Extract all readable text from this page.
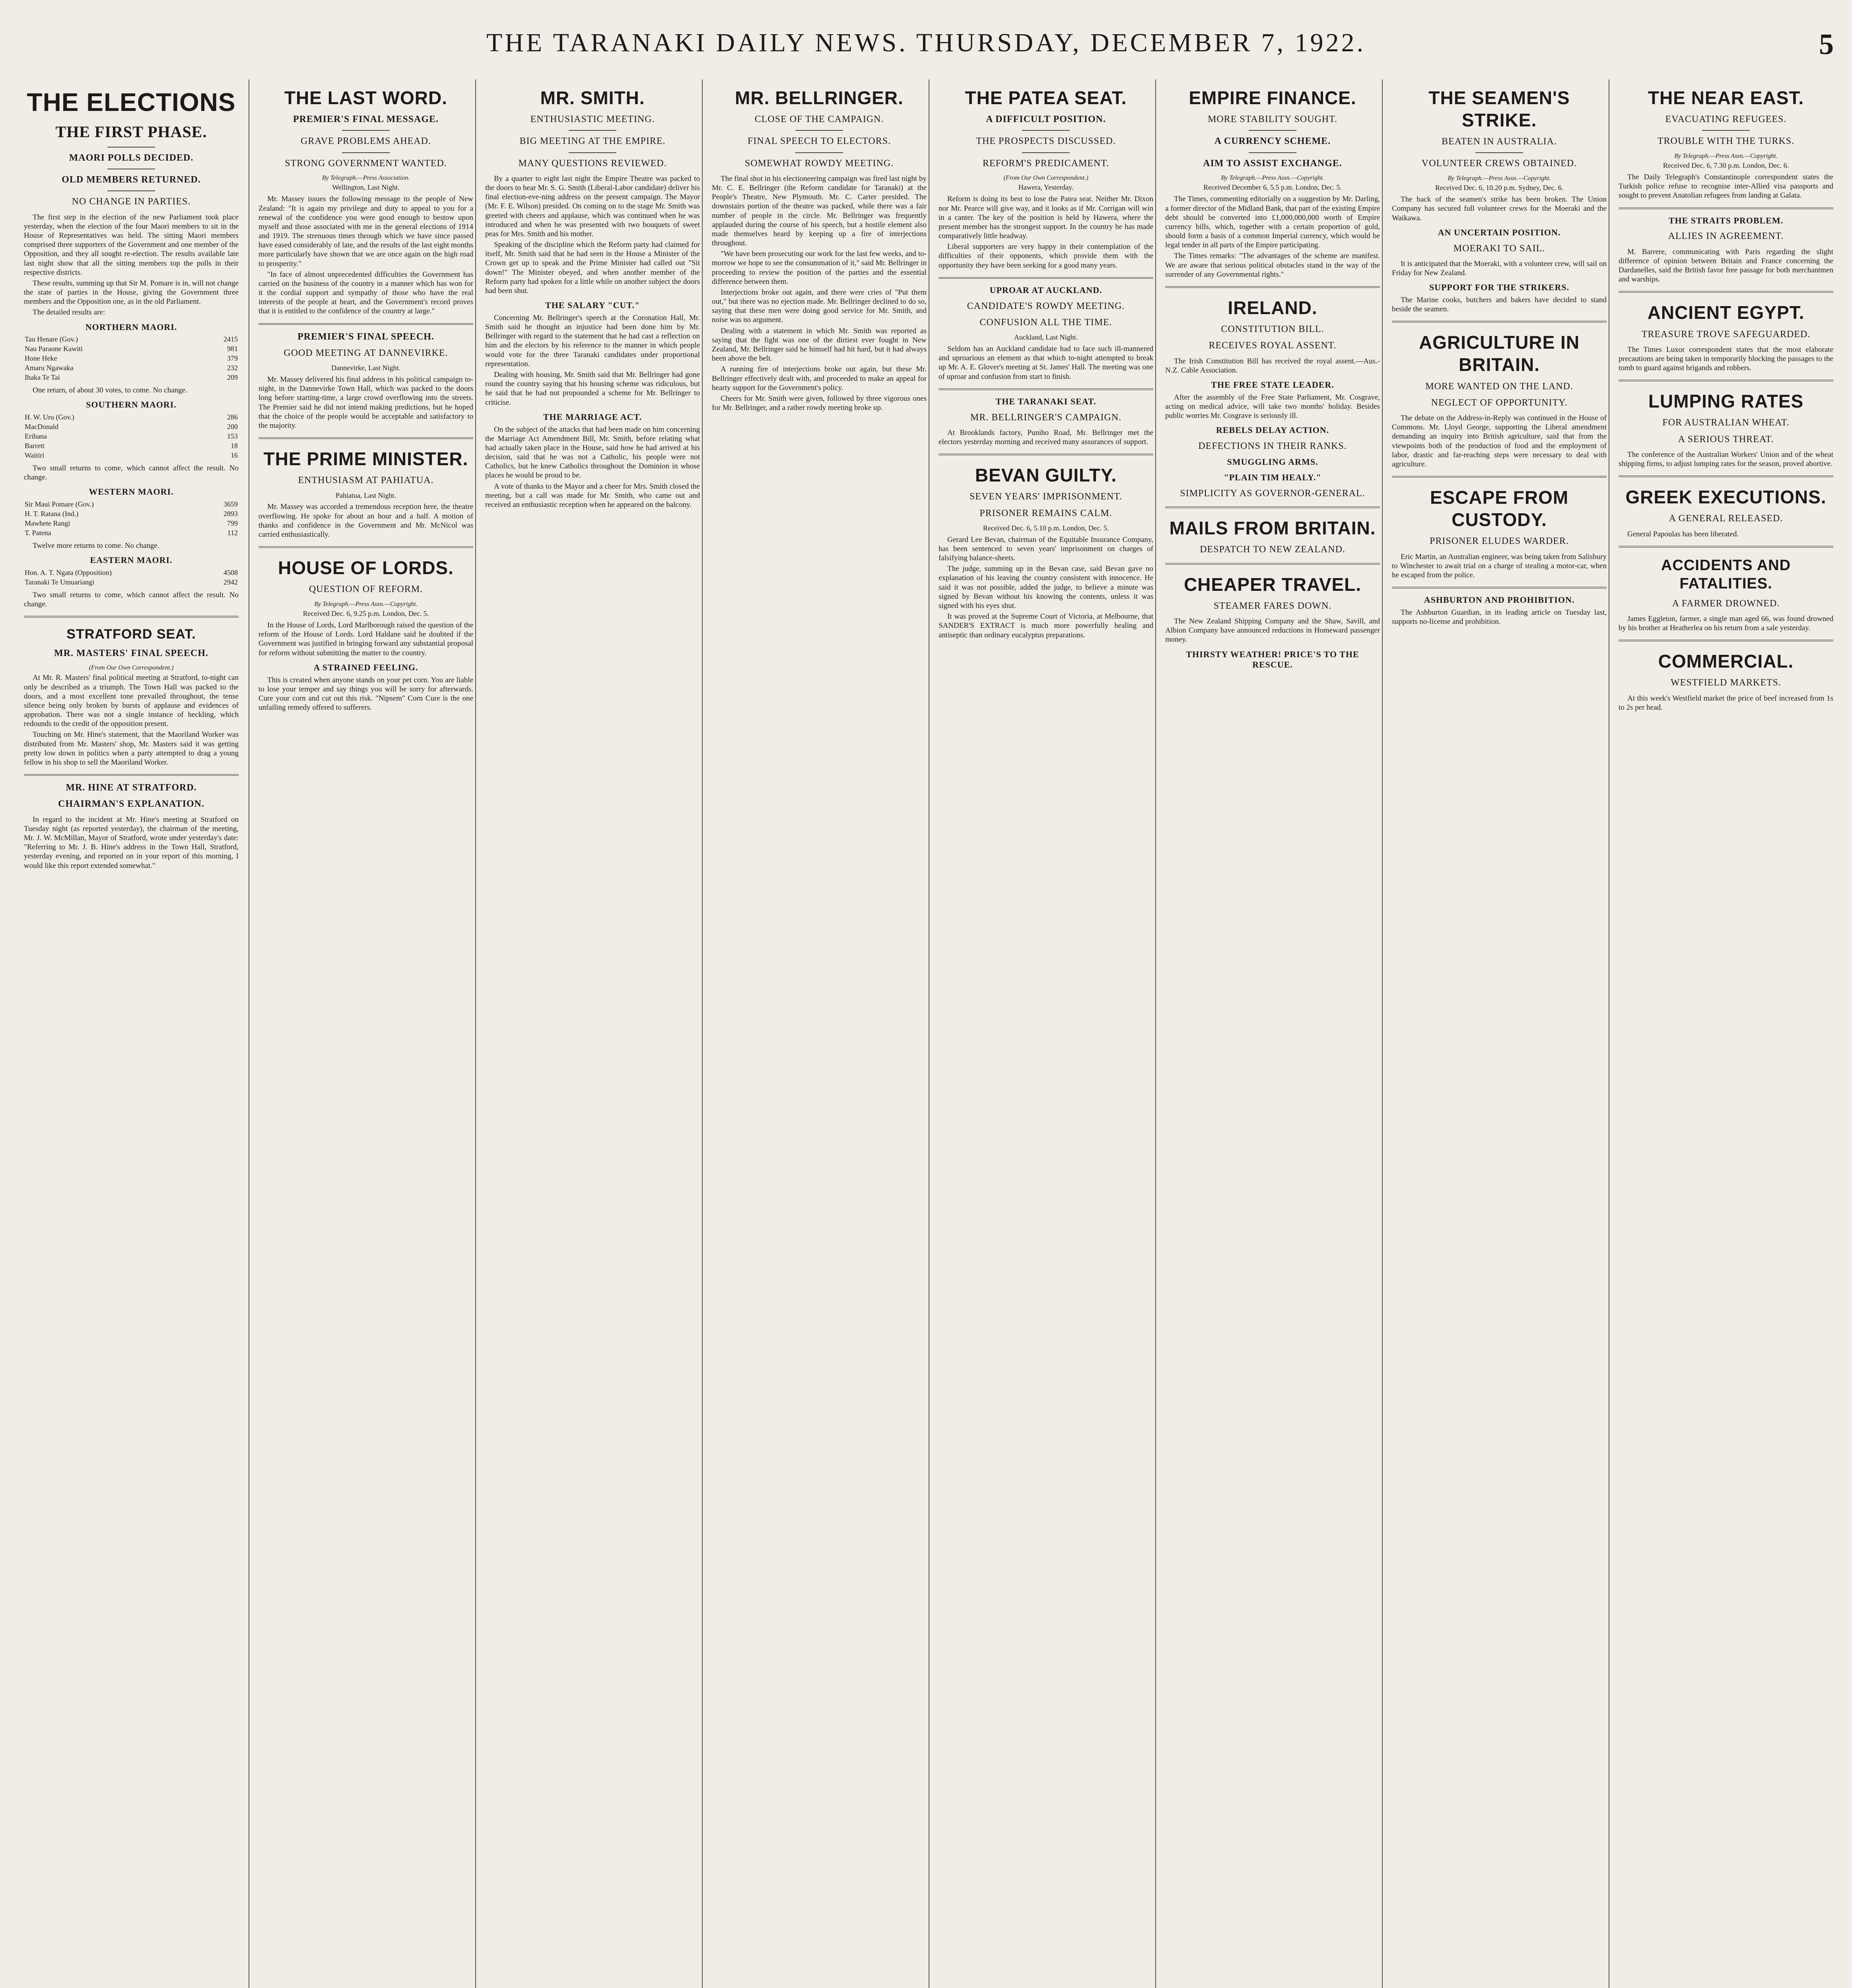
THE TARANAKI DAILY NEWS. THURSDAY, DECEMBER 7, 1922.	5
THE ELECTIONS
THE FIRST PHASE.
MAORI POLLS DECIDED.
OLD MEMBERS RETURNED.
NO CHANGE IN PARTIES.

The first step in the election of the new Parliament took place yesterday, when the election of the four Maori members to sit in the House of Representatives was held. The sitting Maori members comprised three supporters of the Government and one member of the Opposition, and they all sought re-election. The results available late last night show that all the sitting members top the polls in their respective districts.

These results, summing up that Sir M. Pomare is in, will not change the state of parties in the House, giving the Government three members and the Opposition one, as in the old Parliament.

The detailed results are:

NORTHERN MAORI.
Tau Henare (Gov.)	2415
Nau Paraone Kawiti	981
Hone Heke	379
Amaru Ngawaka	232
Ihaka Te Tai	209

One return, of about 30 votes, to come. No change.

SOUTHERN MAORI.
H. W. Uru (Gov.)	286
MacDonald	200
Erihana	153
Barrett	18
Waitiri	16

Two small returns to come, which cannot affect the result. No change.

WESTERN MAORI.
Sir Maui Pomare (Gov.)	3659
H. T. Ratana (Ind.)	2893
Mawhete Rangi	799
T. Patena	112

Twelve more returns to come. No change.

EASTERN MAORI.
Hon. A. T. Ngata (Opposition)	4508
Taranaki Te Umuariangi	2942

Two small returns to come, which cannot affect the result. No change.

STRATFORD SEAT.
MR. MASTERS' FINAL SPEECH.
(From Our Own Correspondent.)

At Mr. R. Masters' final political meeting at Stratford, to-night can only be described as a triumph. The Town Hall was packed to the doors, and a most excellent tone prevailed throughout, the tense silence being only broken by bursts of applause and evidences of approbation. There was not a single instance of heckling, which redounds to the credit of the opposition present.

Touching on Mr. Hine's statement, that the Maoriland Worker was distributed from Mr. Masters' shop, Mr. Masters said it was getting pretty low down in politics when a party attempted to drag a young fellow in his shop to sell the Maoriland Worker.

MR. HINE AT STRATFORD.
CHAIRMAN'S EXPLANATION.

In regard to the incident at Mr. Hine's meeting at Stratford on Tuesday night (as reported yesterday), the chairman of the meeting, Mr. J. W. McMillan, Mayor of Stratford, wrote under yesterday's date: "Referring to Mr. J. B. Hine's address in the Town Hall, Stratford, yesterday evening, and reported on in your report of this morning, I would like this report extended somewhat."

THE LAST WORD.
PREMIER'S FINAL MESSAGE.
GRAVE PROBLEMS AHEAD.
STRONG GOVERNMENT WANTED.
By Telegraph.—Press Association.
Wellington, Last Night.

Mr. Massey issues the following message to the people of New Zealand: "It is again my privilege and duty to appeal to you for a renewal of the confidence you were good enough to bestow upon myself and those associated with me in the general elections of 1914 and 1919. The strenuous times through which we have since passed have eased considerably of late, and the results of the last eight months more particularly have shown that we are once again on the high road to prosperity."

"In face of almost unprecedented difficulties the Government has carried on the business of the country in a manner which has won for it the cordial support and sympathy of those who have the real interests of the people at heart, and the Government's record proves that it is entitled to the confidence of the country at large."

PREMIER'S FINAL SPEECH.
GOOD MEETING AT DANNEVIRKE.
Dannevirke, Last Night.

Mr. Massey delivered his final address in his political campaign to-night, in the Dannevirke Town Hall, which was packed to the doors long before starting-time, a large crowd overflowing into the streets. The Premier said he did not intend making predictions, but he hoped that the choice of the people would be acceptable and satisfactory to the majority.

THE PRIME MINISTER.
ENTHUSIASM AT PAHIATUA.
Pahiatua, Last Night.

Mr. Massey was accorded a tremendous reception here, the theatre overflowing. He spoke for about an hour and a half. A motion of thanks and confidence in the Government and Mr. McNicol was carried enthusiastically.

HOUSE OF LORDS.
QUESTION OF REFORM.
By Telegraph.—Press Assn.—Copyright.
Received Dec. 6, 9.25 p.m. London, Dec. 5.

In the House of Lords, Lord Marlborough raised the question of the reform of the House of Lords. Lord Haldane said he doubted if the Government was justified in bringing forward any substantial proposal for reform without submitting the matter to the country.

A STRAINED FEELING.

This is created when anyone stands on your pet corn. You are liable to lose your temper and say things you will be sorry for afterwards. Cure your corn and cut out this risk. "Nipsem" Corn Cure is the one unfailing remedy offered to sufferers.

MR. SMITH.
ENTHUSIASTIC MEETING.
BIG MEETING AT THE EMPIRE.
MANY QUESTIONS REVIEWED.

By a quarter to eight last night the Empire Theatre was packed to the doors to hear Mr. S. G. Smith (Liberal-Labor candidate) deliver his final election-eve-ning address on the present campaign. The Mayor (Mr. F. E. Wilson) presided. On coming on to the stage Mr. Smith was greeted with cheers and applause, which was continued when he was introduced and when he was presented with two bouquets of sweet peas for Mrs. Smith and his mother.

Speaking of the discipline which the Reform party had claimed for itself, Mr. Smith said that he had seen in the House a Minister of the Crown get up to speak and the Prime Minister had called out "Sit down!" The Minister obeyed, and when another member of the Reform party had spoken for a little while on another subject the doors had been shut.

THE SALARY "CUT."

Concerning Mr. Bellringer's speech at the Coronation Hall, Mr. Smith said he thought an injustice had been done him by Mr. Bellringer with regard to the statement that he had cast a reflection on him and the electors by his reference to the manner in which people would vote for the three Taranaki candidates under proportional representation.

Dealing with housing, Mr. Smith said that Mr. Bellringer had gone round the country saying that his housing scheme was ridiculous, but he said that he had not propounded a scheme for Mr. Bellringer to criticise.

THE MARRIAGE ACT.

On the subject of the attacks that had been made on him concerning the Marriage Act Amendment Bill, Mr. Smith, before relating what had actually taken place in the House, said how he had arrived at his decision, said that he was not a Catholic, his people were not Catholics, but he knew Catholics throughout the Dominion in whose places he would be proud to be.

A vote of thanks to the Mayor and a cheer for Mrs. Smith closed the meeting, but a call was made for Mr. Smith, who came out and received an enthusiastic reception when he appeared on the balcony.

MR. BELLRINGER.
CLOSE OF THE CAMPAIGN.
FINAL SPEECH TO ELECTORS.
SOMEWHAT ROWDY MEETING.

The final shot in his electioneering campaign was fired last night by Mr. C. E. Bellringer (the Reform candidate for Taranaki) at the People's Theatre, New Plymouth. Mr. C. Carter presided. The downstairs portion of the theatre was packed, while there was a fair number of people in the circle. Mr. Bellringer was frequently applauded during the course of his speech, but a hostile element also made themselves heard by keeping up a fire of interjections throughout.

"We have been prosecuting our work for the last few weeks, and to-morrow we hope to see the consummation of it," said Mr. Bellringer in proceeding to review the position of the parties and the essential difference between them.

Interjections broke out again, and there were cries of "Put them out," but there was no ejection made. Mr. Bellringer declined to do so, saying that these men were doing good service for Mr. Smith, and noise was no argument.

Dealing with a statement in which Mr. Smith was reported as saying that the fight was one of the dirtiest ever fought in New Zealand, Mr. Bellringer said he himself had hit hard, but it had always been above the belt.

A running fire of interjections broke out again, but these Mr. Bellringer effectively dealt with, and proceeded to make an appeal for hearty support for the Government's policy.

Cheers for Mr. Smith were given, followed by three vigorous ones for Mr. Bellringer, and a rather rowdy meeting broke up.

THE PATEA SEAT.
A DIFFICULT POSITION.
THE PROSPECTS DISCUSSED.
REFORM'S PREDICAMENT.
(From Our Own Correspondent.)
Hawera, Yesterday.

Reform is doing its best to lose the Patea seat. Neither Mr. Dixon nor Mr. Pearce will give way, and it looks as if Mr. Corrigan will win in a canter. The key of the position is held by Hawera, where the present member has the strongest support. In the country he has made comparatively little headway.

Liberal supporters are very happy in their contemplation of the difficulties of their opponents, which provide them with the opportunity they have been seeking for a good many years.

UPROAR AT AUCKLAND.
CANDIDATE'S ROWDY MEETING.
CONFUSION ALL THE TIME.
Auckland, Last Night.

Seldom has an Auckland candidate had to face such ill-mannered and uproarious an element as that which to-night attempted to break up Mr. A. E. Glover's meeting at St. James' Hall. The meeting was one of uproar and confusion from start to finish.

THE TARANAKI SEAT.
MR. BELLRINGER'S CAMPAIGN.

At Brooklands factory, Puniho Road, Mr. Bellringer met the electors yesterday morning and received many assurances of support.

BEVAN GUILTY.
SEVEN YEARS' IMPRISONMENT.
PRISONER REMAINS CALM.
Received Dec. 6, 5.10 p.m. London, Dec. 5.

Gerard Lee Bevan, chairman of the Equitable Insurance Company, has been sentenced to seven years' imprisonment on charges of falsifying balance-sheets.

The judge, summing up in the Bevan case, said Bevan gave no explanation of his leaving the country consistent with innocence. He said it was not possible, added the judge, to believe a minute was signed by Bevan without his knowing the contents, unless it was signed with his eyes shut.

It was proved at the Supreme Court of Victoria, at Melbourne, that SANDER'S EXTRACT is much more powerfully healing and antiseptic than ordinary eucalyptus preparations.

EMPIRE FINANCE.
MORE STABILITY SOUGHT.
A CURRENCY SCHEME.
AIM TO ASSIST EXCHANGE.
By Telegraph.—Press Assn.—Copyright.
Received December 6, 5.5 p.m. London, Dec. 5.

The Times, commenting editorially on a suggestion by Mr. Darling, a former director of the Midland Bank, that part of the existing Empire debt should be converted into £1,000,000,000 worth of Empire currency bills, which, together with a certain proportion of gold, should form a basis of a common Imperial currency, which would be legal tender in all parts of the Empire participating.

The Times remarks: "The advantages of the scheme are manifest. We are aware that serious political obstacles stand in the way of the surrender of any Governmental rights."

IRELAND.
CONSTITUTION BILL.
RECEIVES ROYAL ASSENT.

The Irish Constitution Bill has received the royal assent.—Aus.-N.Z. Cable Association.

THE FREE STATE LEADER.

After the assembly of the Free State Parliament, Mr. Cosgrave, acting on medical advice, will take two months' holiday. Besides public worries Mr. Cosgrave is seriously ill.

REBELS DELAY ACTION.
DEFECTIONS IN THEIR RANKS.
SMUGGLING ARMS.
"PLAIN TIM HEALY."
SIMPLICITY AS GOVERNOR-GENERAL.
MAILS FROM BRITAIN.
DESPATCH TO NEW ZEALAND.
CHEAPER TRAVEL.
STEAMER FARES DOWN.

The New Zealand Shipping Company and the Shaw, Savill, and Albion Company have announced reductions in Homeward passenger money.

THIRSTY WEATHER! PRICE'S TO THE RESCUE.
THE SEAMEN'S STRIKE.
BEATEN IN AUSTRALIA.
VOLUNTEER CREWS OBTAINED.
By Telegraph.—Press Assn.—Copyright.
Received Dec. 6, 10.20 p.m. Sydney, Dec. 6.

The back of the seamen's strike has been broken. The Union Company has secured full volunteer crews for the Moeraki and the Waikawa.

AN UNCERTAIN POSITION.
MOERAKI TO SAIL.

It is anticipated that the Moeraki, with a volunteer crew, will sail on Friday for New Zealand.

SUPPORT FOR THE STRIKERS.

The Marine cooks, butchers and bakers have decided to stand beside the seamen.

AGRICULTURE IN BRITAIN.
MORE WANTED ON THE LAND.
NEGLECT OF OPPORTUNITY.

The debate on the Address-in-Reply was continued in the House of Commons. Mr. Lloyd George, supporting the Liberal amendment demanding an inquiry into British agriculture, said that from the viewpoints both of the production of food and the employment of labor, drastic and far-reaching steps were necessary to deal with agriculture.

ESCAPE FROM CUSTODY.
PRISONER ELUDES WARDER.

Eric Martin, an Australian engineer, was being taken from Salisbury to Winchester to await trial on a charge of stealing a motor-car, when he escaped from the police.

ASHBURTON AND PROHIBITION.

The Ashburton Guardian, in its leading article on Tuesday last, supports no-license and prohibition.

THE NEAR EAST.
EVACUATING REFUGEES.
TROUBLE WITH THE TURKS.
By Telegraph.—Press Assn.—Copyright.
Received Dec. 6, 7.30 p.m. London, Dec. 6.

The Daily Telegraph's Constantinople correspondent states the Turkish police refuse to recognise inter-Allied visa passports and sought to prevent Anatolian refugees from landing at Galata.

THE STRAITS PROBLEM.
ALLIES IN AGREEMENT.

M. Barrere, communicating with Paris regarding the slight difference of opinion between Britain and France concerning the Dardanelles, said the British favor free passage for both merchantmen and warships.

ANCIENT EGYPT.
TREASURE TROVE SAFEGUARDED.

The Times Luxor correspondent states that the most elaborate precautions are being taken in temporarily blocking the passages to the tomb to guard against brigands and robbers.

LUMPING RATES
FOR AUSTRALIAN WHEAT.
A SERIOUS THREAT.

The conference of the Australian Workers' Union and of the wheat shipping firms, to adjust lumping rates for the season, proved abortive.

GREEK EXECUTIONS.
A GENERAL RELEASED.

General Papoulas has been liberated.

ACCIDENTS AND FATALITIES.
A FARMER DROWNED.

James Eggleton, farmer, a single man aged 66, was found drowned by his brother at Heatherlea on his return from a sale yesterday.

COMMERCIAL.
WESTFIELD MARKETS.

At this week's Westfield market the price of beef increased from 1s to 2s per head.
